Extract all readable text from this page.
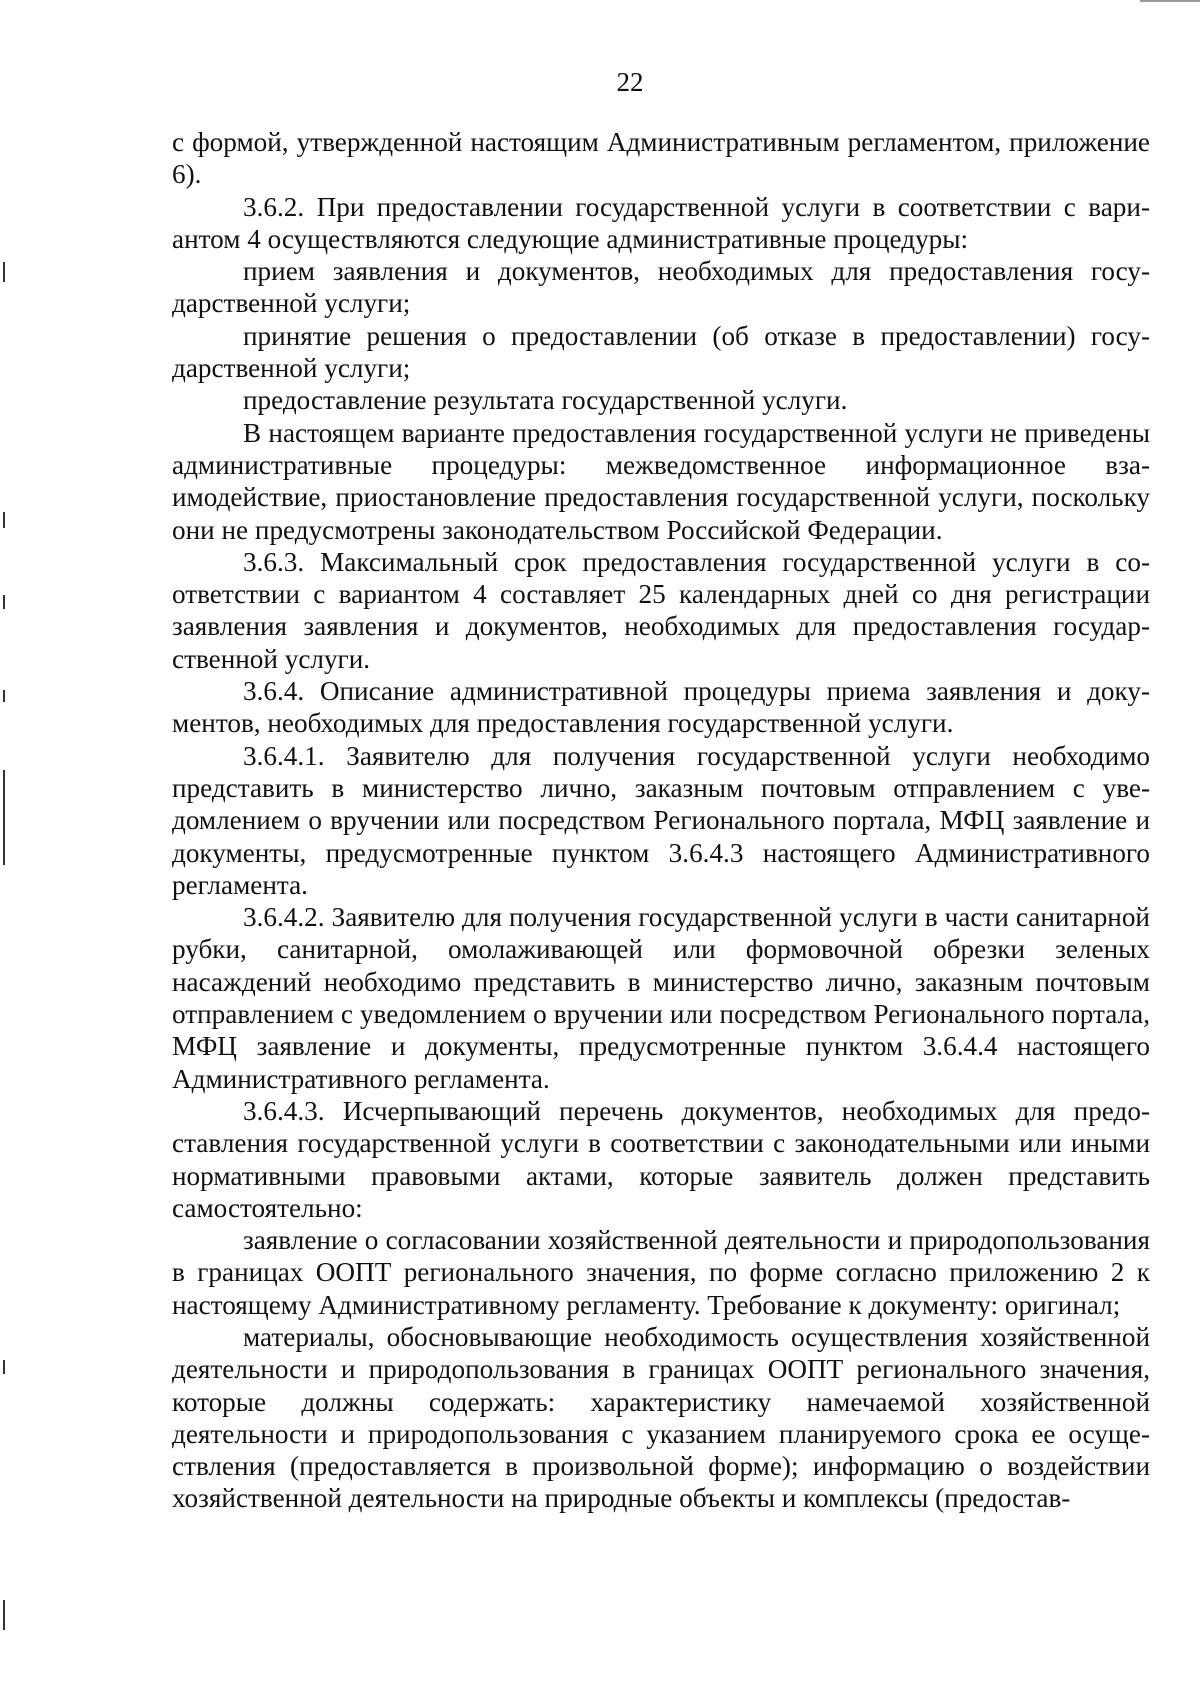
22

с формой, утвержденной настоящим Административным регламентом, приложение 6).

3.6.2. При предоставлении государственной услуги в соответствии с вариантом 4 осуществляются следующие административные процедуры:

прием заявления и документов, необходимых для предоставления государственной услуги;

принятие решения о предоставлении (об отказе в предоставлении) государственной услуги;

предоставление результата государственной услуги.

В настоящем варианте предоставления государственной услуги не приведены административные процедуры: межведомственное информационное взаимодействие, приостановление предоставления государственной услуги, поскольку они не предусмотрены законодательством Российской Федерации.

3.6.3. Максимальный срок предоставления государственной услуги в соответствии с вариантом 4 составляет 25 календарных дней со дня регистрации заявления заявления и документов, необходимых для предоставления государственной услуги.

3.6.4. Описание административной процедуры приема заявления и документов, необходимых для предоставления государственной услуги.

3.6.4.1. Заявителю для получения государственной услуги необходимо представить в министерство лично, заказным почтовым отправлением с уведомлением о вручении или посредством Регионального портала, МФЦ заявление и документы, предусмотренные пунктом 3.6.4.3 настоящего Административного регламента.

3.6.4.2. Заявителю для получения государственной услуги в части санитарной рубки, санитарной, омолаживающей или формовочной обрезки зеленых насаждений необходимо представить в министерство лично, заказным почтовым отправлением с уведомлением о вручении или посредством Регионального портала, МФЦ заявление и документы, предусмотренные пунктом 3.6.4.4 настоящего Административного регламента.

3.6.4.3. Исчерпывающий перечень документов, необходимых для предоставления государственной услуги в соответствии с законодательными или иными нормативными правовыми актами, которые заявитель должен представить самостоятельно:

заявление о согласовании хозяйственной деятельности и природопользования в границах ООПТ регионального значения, по форме согласно приложению 2 к настоящему Административному регламенту. Требование к документу: оригинал;

материалы, обосновывающие необходимость осуществления хозяйственной деятельности и природопользования в границах ООПТ регионального значения, которые должны содержать: характеристику намечаемой хозяйственной деятельности и природопользования с указанием планируемого срока ее осуществления (предоставляется в произвольной форме); информацию о воздействии хозяйственной деятельности на природные объекты и комплексы (предостав-
